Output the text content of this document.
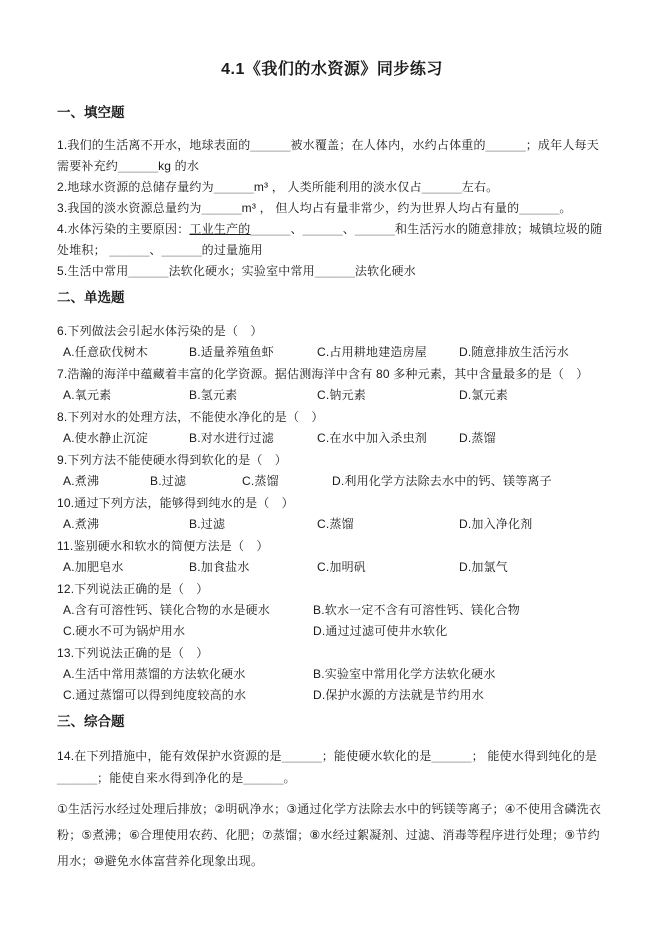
4.1《我们的水资源》同步练习
一、填空题

1.我们的生活离不开水，地球表面的______被水覆盖；在人体内，水约占体重的______；成年人每天需要补充约______kg 的水

2.地球水资源的总储存量约为______m³ ， 人类所能利用的淡水仅占______左右。

3.我国的淡水资源总量约为______m³ ， 但人均占有量非常少，约为世界人均占有量的______。

4.水体污染的主要原因：工业生产的______、______、______和生活污水的随意排放；城镇垃圾的随处堆积； ______、______的过量施用

5.生活中常用______法软化硬水；实验室中常用______法软化硬水

二、单选题
6.下列做法会引起水体污染的是（　）
A.任意砍伐树木	B.适量养殖鱼虾	C.占用耕地建造房屋	D.随意排放生活污水
7.浩瀚的海洋中蕴藏着丰富的化学资源。据估测海洋中含有 80 多种元素，其中含量最多的是（　）
A.氧元素	B.氢元素	C.钠元素	D.氯元素
8.下列对水的处理方法，不能使水净化的是（　）
A.使水静止沉淀	B.对水进行过滤	C.在水中加入杀虫剂	D.蒸馏
9.下列方法不能使硬水得到软化的是（　）
A.煮沸	B.过滤	C.蒸馏	D.利用化学方法除去水中的钙、镁等离子
10.通过下列方法，能够得到纯水的是（　）
A.煮沸	B.过滤	C.蒸馏	D.加入净化剂
11.鉴别硬水和软水的简便方法是（　）
A.加肥皂水	B.加食盐水	C.加明矾	D.加氯气
12.下列说法正确的是（　）
A.含有可溶性钙、镁化合物的水是硬水	B.软水一定不含有可溶性钙、镁化合物
C.硬水不可为锅炉用水	D.通过过滤可使井水软化
13.下列说法正确的是（　）
A.生活中常用蒸馏的方法软化硬水	B.实验室中常用化学方法软化硬水
C.通过蒸馏可以得到纯度较高的水	D.保护水源的方法就是节约用水
三、综合题

14.在下列措施中，能有效保护水资源的是______；能使硬水软化的是______； 能使水得到纯化的是______；能使自来水得到净化的是______。

①生活污水经过处理后排放；②明矾净水；③通过化学方法除去水中的钙镁等离子；④不使用含磷洗衣粉；⑤煮沸；⑥合理使用农药、化肥；⑦蒸馏；⑧水经过絮凝剂、过滤、消毒等程序进行处理；⑨节约用水；⑩避免水体富营养化现象出现。
